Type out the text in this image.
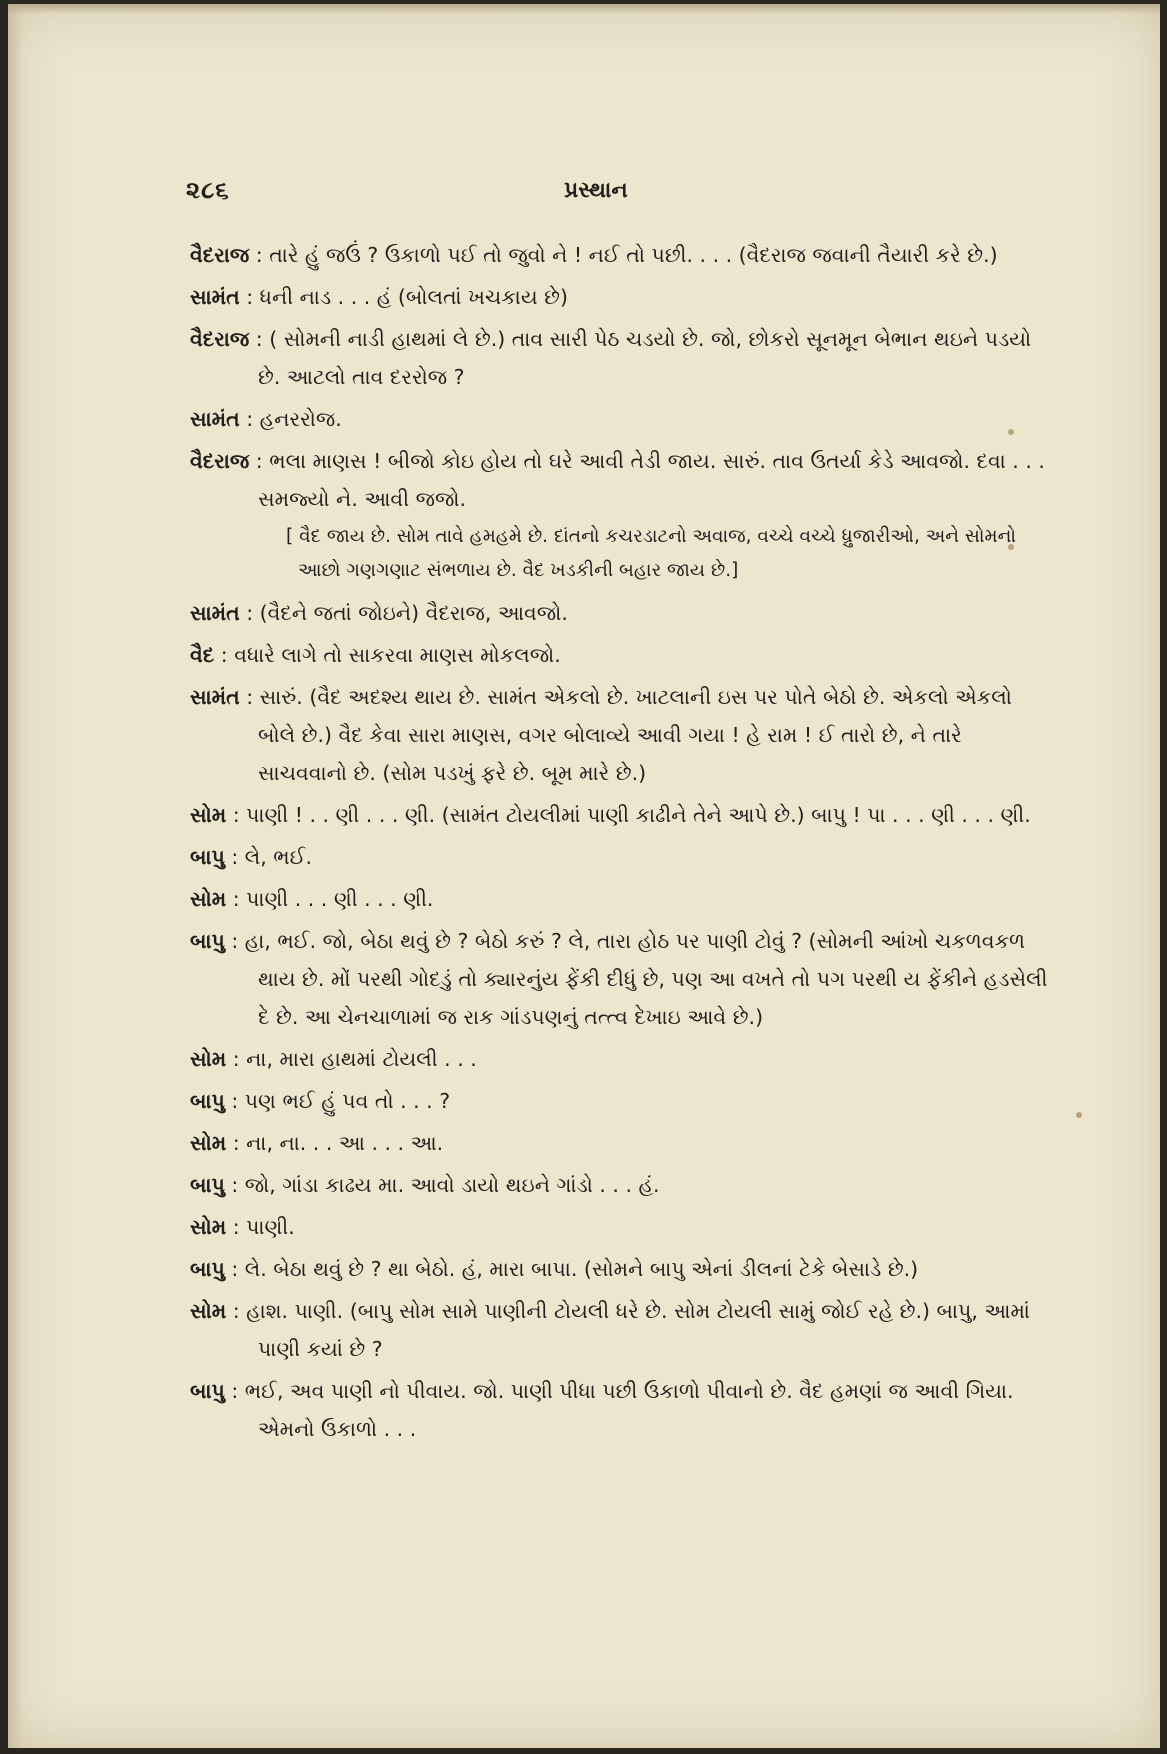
૨૮૬	પ્રસ્થાન

વૈદરાજ : તારે હું જઉં ? ઉકાળો પઈ તો જુવો ને ! નઈ તો પછી. . . . (વૈદરાજ જવાની તૈયારી કરે છે.)

સામંત : ધની નાડ . . . હં (બોલતાં ખચકાય છે)

વૈદરાજ : ( સોમની નાડી હાથમાં લે છે.) તાવ સારી પેઠ ચડયો છે. જો, છોકરો સૂનમૂન બેભાન થઇને પડયો છે. આટલો તાવ દરરોજ ?

સામંત : હનરરોજ.

વૈદરાજ : ભલા માણસ ! બીજો કોઇ હોય તો ઘરે આવી તેડી જાય. સારું. તાવ ઉતર્યા કેડે આવજો. દવા . . . સમજ્યો ને. આવી જજો.

[ વૈદ જાય છે. સોમ તાવે હમહમે છે. દાંતનો કચરડાટનો અવાજ, વચ્ચે વચ્ચે ધ્રુજારીઓ, અને સોમનો આછો ગણગણાટ સંભળાય છે. વૈદ ખડકીની બહાર જાય છે.]

સામંત : (વૈદને જતાં જોઇને) વૈદરાજ, આવજો.

વૈદ : વધારે લાગે તો સાકરવા માણસ મોકલજો.

સામંત : સારું. (વૈદ અદશ્ય થાય છે. સામંત એકલો છે. ખાટલાની ઇસ પર પોતે બેઠો છે. એકલો એકલો બોલે છે.) વૈદ કેવા સારા માણસ, વગર બોલાવ્યે આવી ગયા ! હે રામ ! ઈ તારો છે, ને તારે સાચવવાનો છે. (સોમ પડખું ફરે છે. બૂમ મારે છે.)

સોમ : પાણી ! . . ણી . . . ણી. (સામંત ટોયલીમાં પાણી કાઢીને તેને આપે છે.) બાપુ ! પા . . . ણી . . . ણી.

બાપુ : લે, ભઈ.

સોમ : પાણી . . . ણી . . . ણી.

બાપુ : હા, ભઈ. જો, બેઠા થવું છે ? બેઠો કરું ? લે, તારા હોઠ પર પાણી ટોવું ? (સોમની આંખો ચકળવકળ થાય છે. મોં પરથી ગોદડું તો ક્યારનુંય ફેંકી દીધું છે, પણ આ વખતે તો પગ પરથી ય ફેંકીને હડસેલી દે છે. આ ચેનચાળામાં જ રાક ગાંડપણનું તત્ત્વ દેખાઇ આવે છે.)

સોમ : ના, મારા હાથમાં ટોયલી . . .

બાપુ : પણ ભઈ હું પવ તો . . . ?

સોમ : ના, ના. . . આ . . . આ.

બાપુ : જો, ગાંડા કાઢય મા. આવો ડાયો થઇને ગાંડો . . . હં.

સોમ : પાણી.

બાપુ : લે. બેઠા થવું છે ? થા બેઠો. હં, મારા બાપા. (સોમને બાપુ એનાં ડીલનાં ટેકે બેસાડે છે.)

સોમ : હાશ. પાણી. (બાપુ સોમ સામે પાણીની ટોયલી ધરે છે. સોમ ટોયલી સામું જોઈ રહે છે.) બાપુ, આમાં પાણી કયાં છે ?

બાપુ : ભઈ, અવ પાણી નો પીવાય. જો. પાણી પીધા પછી ઉકાળો પીવાનો છે. વૈદ હમણાં જ આવી ગિયા. એમનો ઉકાળો . . .
